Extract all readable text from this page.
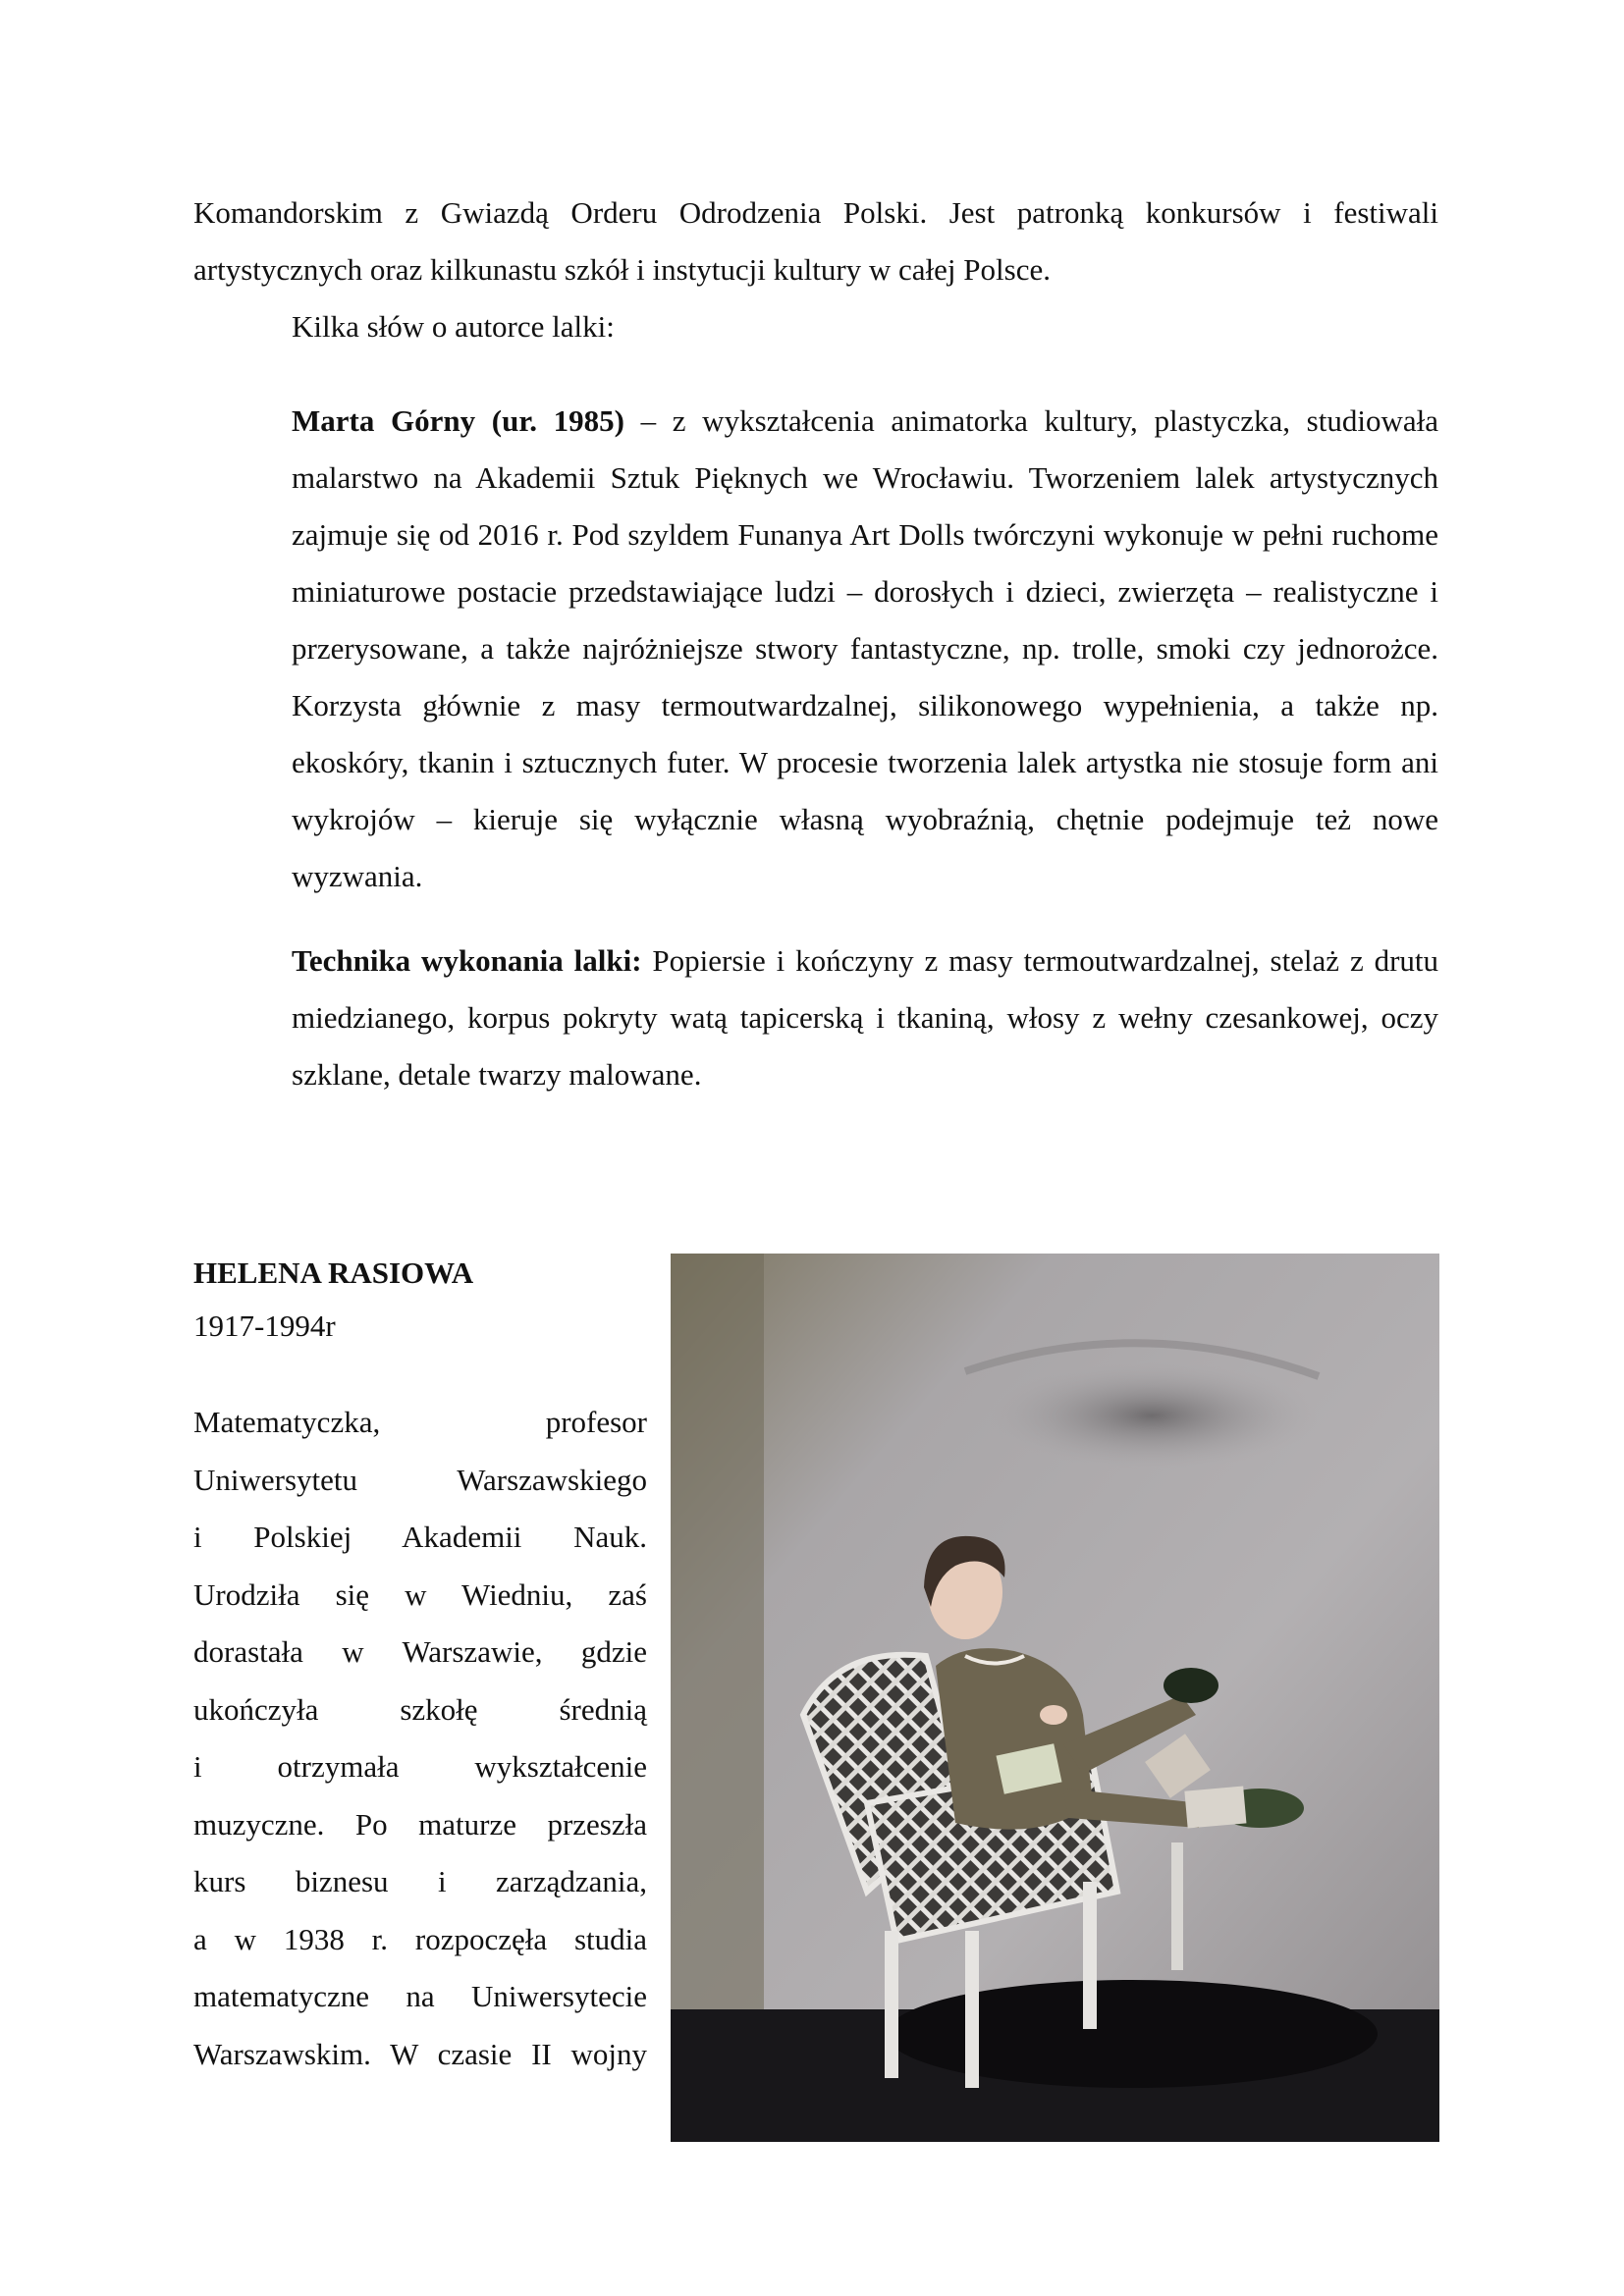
Komandorskim z Gwiazdą Orderu Odrodzenia Polski. Jest patronką konkursów i festiwali artystycznych oraz kilkunastu szkół i instytucji kultury w całej Polsce.

Kilka słów o autorce lalki:

Marta Górny (ur. 1985) – z wykształcenia animatorka kultury, plastyczka, studiowała malarstwo na Akademii Sztuk Pięknych we Wrocławiu. Tworzeniem lalek artystycznych zajmuje się od 2016 r. Pod szyldem Funanya Art Dolls twórczyni wykonuje w pełni ruchome miniaturowe postacie przedstawiające ludzi – dorosłych i dzieci, zwierzęta – realistyczne i przerysowane, a także najróżniejsze stwory fantastyczne, np. trolle, smoki czy jednorożce. Korzysta głównie z masy termoutwardzalnej, silikonowego wypełnienia, a także np. ekoskóry, tkanin i sztucznych futer. W procesie tworzenia lalek artystka nie stosuje form ani wykrojów – kieruje się wyłącznie własną wyobraźnią, chętnie podejmuje też nowe wyzwania.

Technika wykonania lalki: Popiersie i kończyny z masy termoutwardzalnej, stelaż z drutu miedzianego, korpus pokryty watą tapicerską i tkaniną, włosy z wełny czesankowej, oczy szklane, detale twarzy malowane.

HELENA RASIOWA

1917-1994r

Matematyczka, profesor
Uniwersytetu Warszawskiego
i Polskiej Akademii Nauk.
Urodziła się w Wiedniu, zaś
dorastała w Warszawie, gdzie
ukończyła szkołę średnią
i otrzymała wykształcenie
muzyczne. Po maturze przeszła
kurs biznesu i zarządzania,
a w 1938 r. rozpoczęła studia
matematyczne na Uniwersytecie
Warszawskim. W czasie II wojny
